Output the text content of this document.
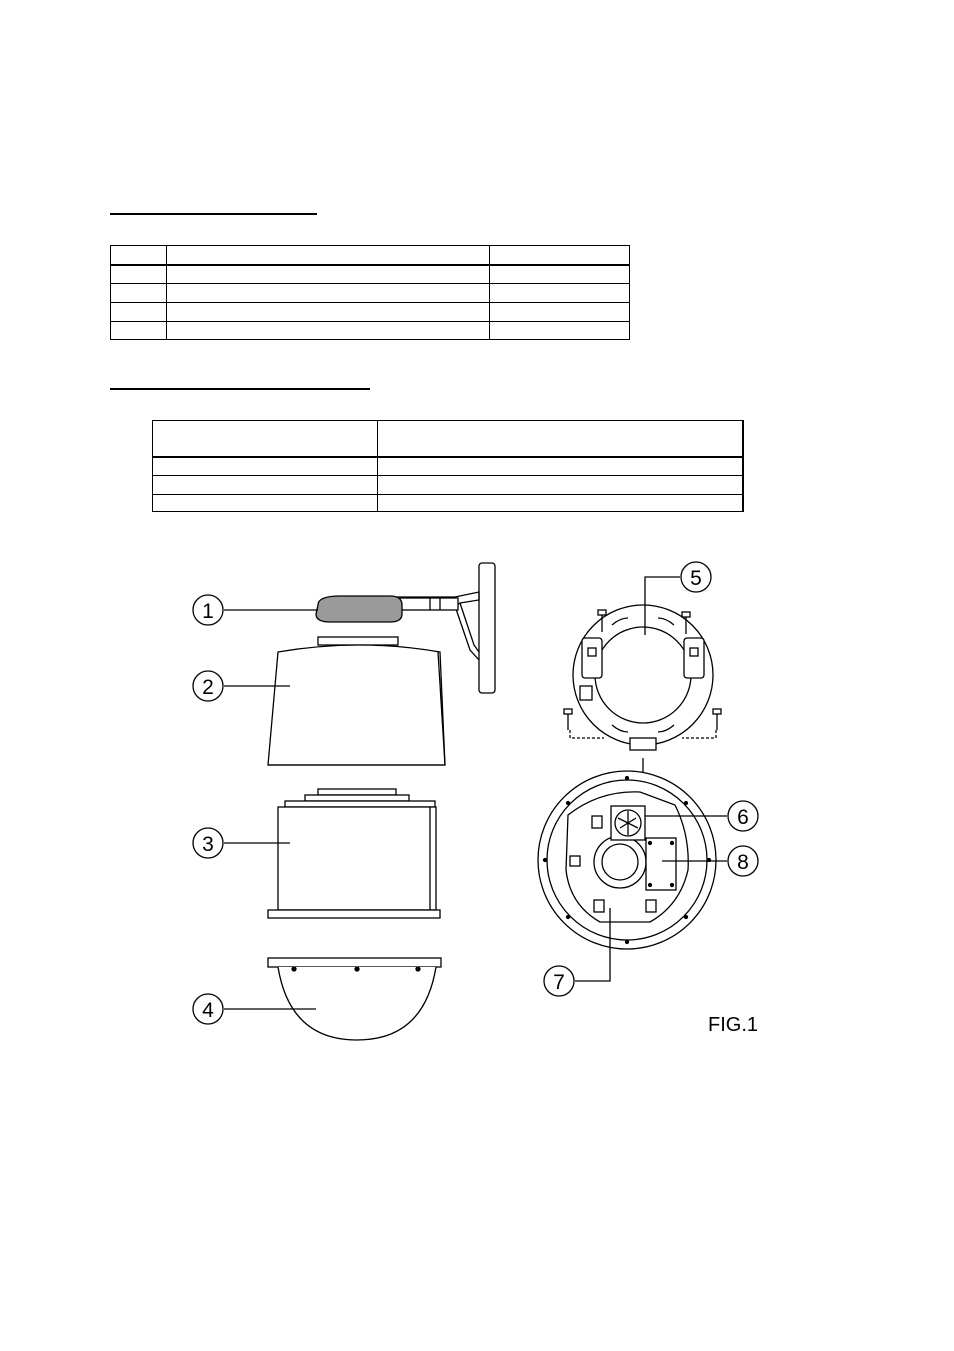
1
2
3
4
5
6
8
7
FIG.1
